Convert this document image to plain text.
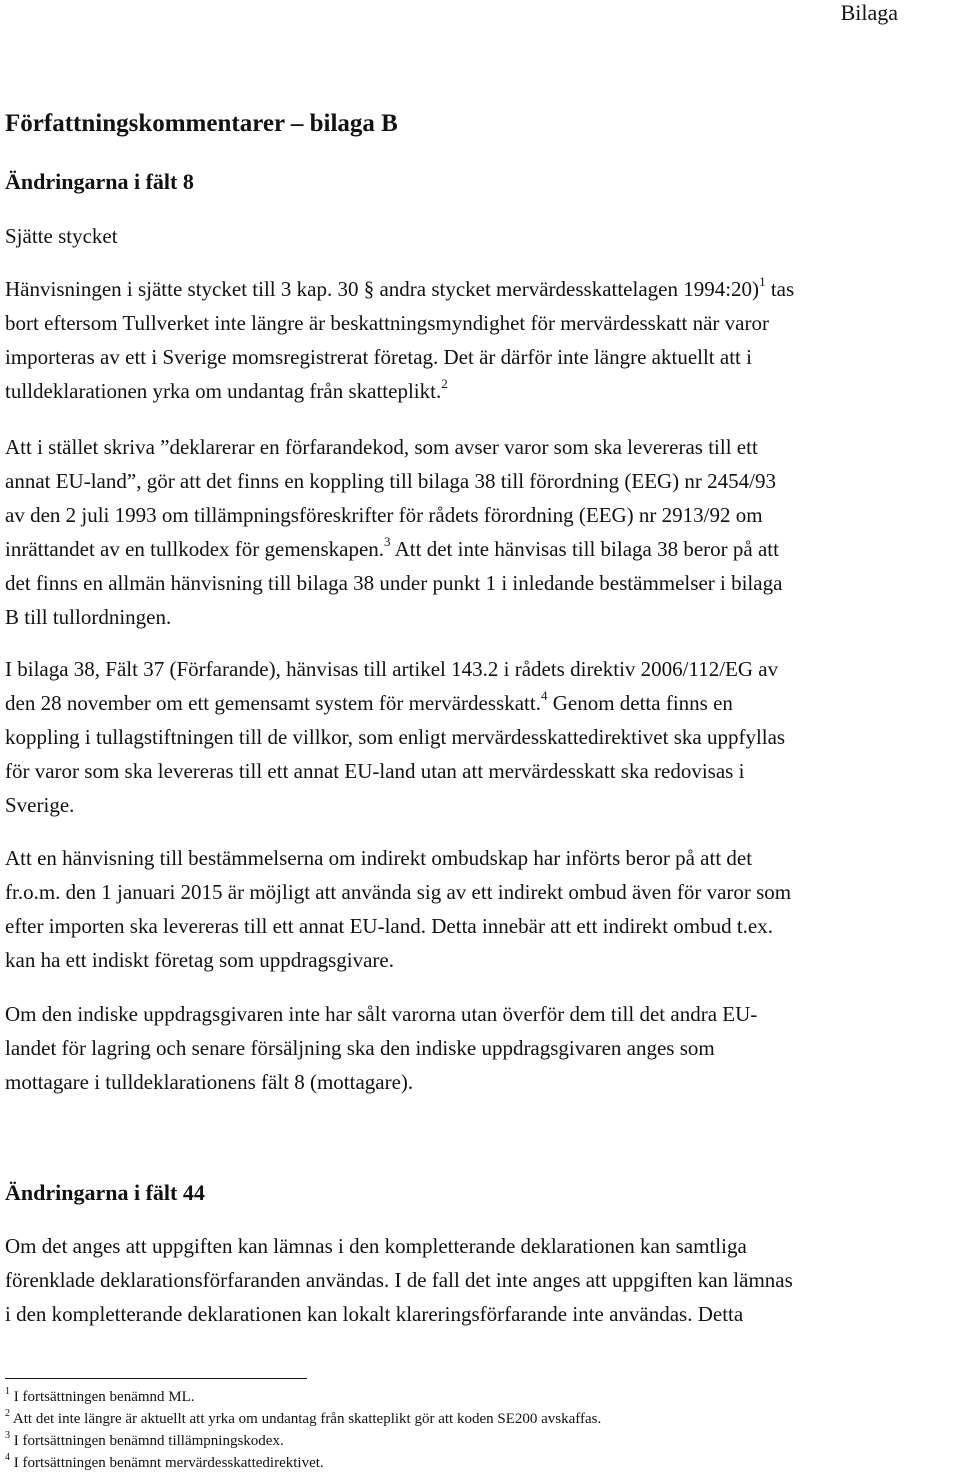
Bilaga
Författningskommentarer – bilaga B
Ändringarna i fält 8

Sjätte stycket

Hänvisningen i sjätte stycket till 3 kap. 30 § andra stycket mervärdesskattelagen 1994:20)$^1$ tas
bort eftersom Tullverket inte längre är beskattningsmyndighet för mervärdesskatt när varor
importeras av ett i Sverige momsregistrerat företag. Det är därför inte längre aktuellt att i
tulldeklarationen yrka om undantag från skatteplikt.$^2$

Att i stället skriva ”deklarerar en förfarandekod, som avser varor som ska levereras till ett
annat EU-land”, gör att det finns en koppling till bilaga 38 till förordning (EEG) nr 2454/93
av den 2 juli 1993 om tillämpningsföreskrifter för rådets förordning (EEG) nr 2913/92 om
inrättandet av en tullkodex för gemenskapen.$^3$ Att det inte hänvisas till bilaga 38 beror på att
det finns en allmän hänvisning till bilaga 38 under punkt 1 i inledande bestämmelser i bilaga
B till tullordningen.

I bilaga 38, Fält 37 (Förfarande), hänvisas till artikel 143.2 i rådets direktiv 2006/112/EG av
den 28 november om ett gemensamt system för mervärdesskatt.$^4$ Genom detta finns en
koppling i tullagstiftningen till de villkor, som enligt mervärdesskattedirektivet ska uppfyllas
för varor som ska levereras till ett annat EU-land utan att mervärdesskatt ska redovisas i
Sverige.

Att en hänvisning till bestämmelserna om indirekt ombudskap har införts beror på att det
fr.o.m. den 1 januari 2015 är möjligt att använda sig av ett indirekt ombud även för varor som
efter importen ska levereras till ett annat EU-land. Detta innebär att ett indirekt ombud t.ex.
kan ha ett indiskt företag som uppdragsgivare.

Om den indiske uppdragsgivaren inte har sålt varorna utan överför dem till det andra EU-
landet för lagring och senare försäljning ska den indiske uppdragsgivaren anges som
mottagare i tulldeklarationens fält 8 (mottagare).

Ändringarna i fält 44

Om det anges att uppgiften kan lämnas i den kompletterande deklarationen kan samtliga
förenklade deklarationsförfaranden användas. I de fall det inte anges att uppgiften kan lämnas
i den kompletterande deklarationen kan lokalt klareringsförfarande inte användas. Detta

$^1$ I fortsättningen benämnd ML.
$^2$ Att det inte längre är aktuellt att yrka om undantag från skatteplikt gör att koden SE200 avskaffas.
$^3$ I fortsättningen benämnd tillämpningskodex.
$^4$ I fortsättningen benämnt mervärdesskattedirektivet.
